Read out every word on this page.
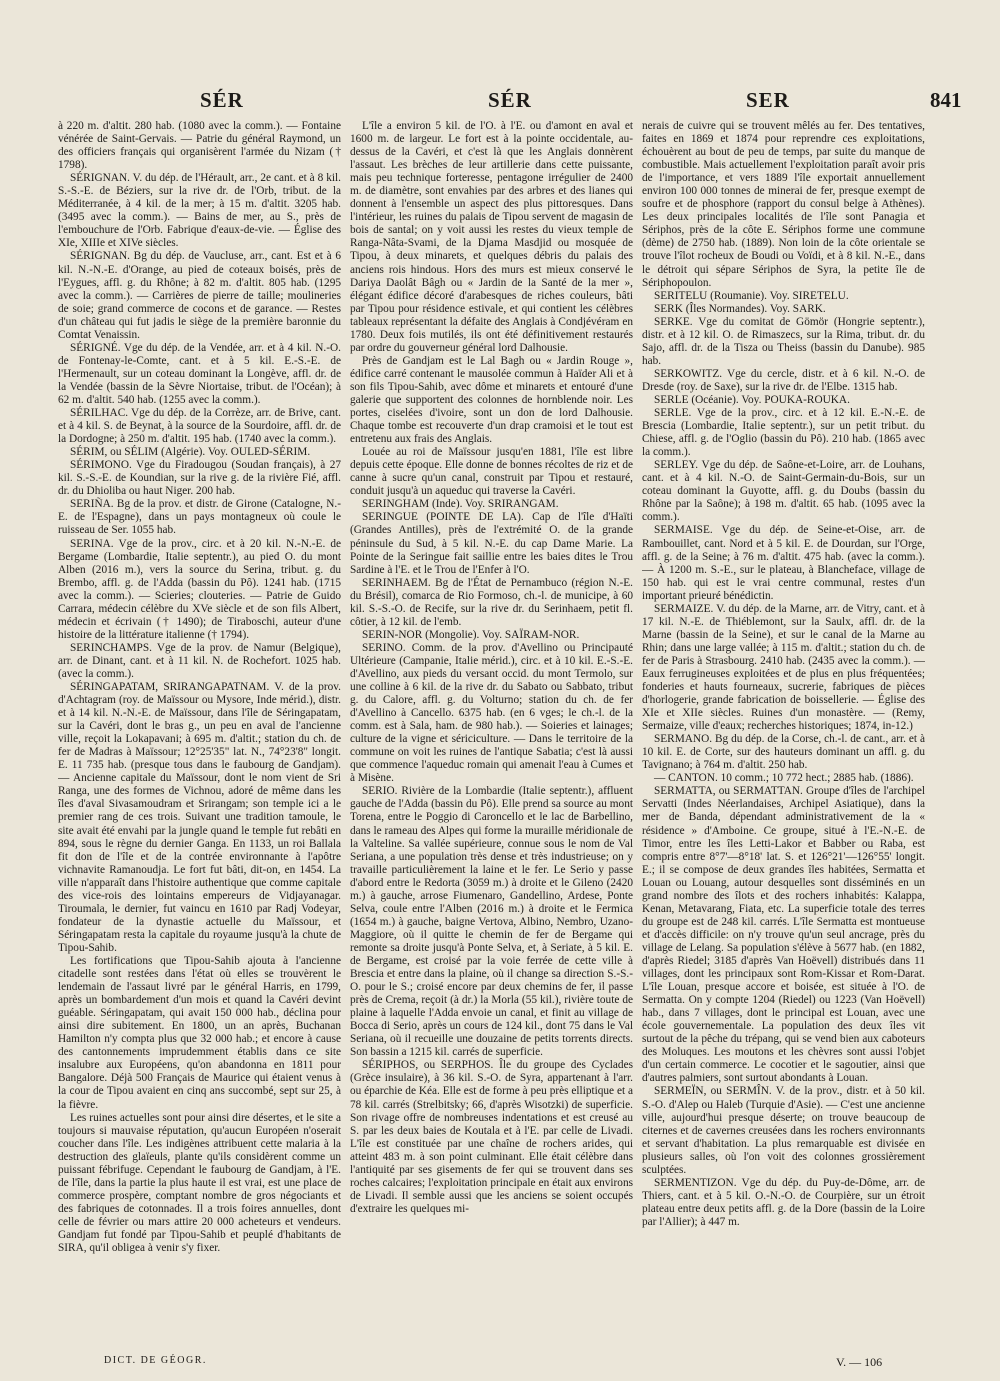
SÉR	SÉR	SER	841

à 220 m. d'altit. 280 hab. (1080 avec la comm.). — Fontaine vénérée de Saint-Gervais. — Patrie du général Raymond, un des officiers français qui organisèrent l'armée du Nizam († 1798).

SÉRIGNAN. V. du dép. de l'Hérault, arr., 2e cant. et à 8 kil. S.-S.-E. de Béziers, sur la rive dr. de l'Orb, tribut. de la Méditerranée, à 4 kil. de la mer; à 15 m. d'altit. 3205 hab. (3495 avec la comm.). — Bains de mer, au S., près de l'embouchure de l'Orb. Fabrique d'eaux-de-vie. — Église des XIe, XIIIe et XIVe siècles.

SÉRIGNAN. Bg du dép. de Vaucluse, arr., cant. Est et à 6 kil. N.-N.-E. d'Orange, au pied de coteaux boisés, près de l'Eygues, affl. g. du Rhône; à 82 m. d'altit. 805 hab. (1295 avec la comm.). — Carrières de pierre de taille; moulineries de soie; grand commerce de cocons et de garance. — Restes d'un château qui fut jadis le siège de la première baronnie du Comtat Venaissin.

SÉRIGNÉ. Vge du dép. de la Vendée, arr. et à 4 kil. N.-O. de Fontenay-le-Comte, cant. et à 5 kil. E.-S.-E. de l'Hermenault, sur un coteau dominant la Longève, affl. dr. de la Vendée (bassin de la Sèvre Niortaise, tribut. de l'Océan); à 62 m. d'altit. 540 hab. (1255 avec la comm.).

SÉRILHAC. Vge du dép. de la Corrèze, arr. de Brive, cant. et à 4 kil. S. de Beynat, à la source de la Sourdoire, affl. dr. de la Dordogne; à 250 m. d'altit. 195 hab. (1740 avec la comm.).

SÉRIM, ou SÉLIM (Algérie). Voy. OULED-SÉRIM.

SÉRIMONO. Vge du Firadougou (Soudan français), à 27 kil. S.-S.-E. de Koundian, sur la rive g. de la rivière Fié, affl. dr. du Dhioliba ou haut Niger. 200 hab.

SERIÑA. Bg de la prov. et distr. de Girone (Catalogne, N.-E. de l'Espagne), dans un pays montagneux où coule le ruisseau de Ser. 1055 hab.

SERINA. Vge de la prov., circ. et à 20 kil. N.-N.-E. de Bergame (Lombardie, Italie septentr.), au pied O. du mont Alben (2016 m.), vers la source du Serina, tribut. g. du Brembo, affl. g. de l'Adda (bassin du Pô). 1241 hab. (1715 avec la comm.). — Scieries; clouteries. — Patrie de Guido Carrara, médecin célèbre du XVe siècle et de son fils Albert, médecin et écrivain († 1490); de Tiraboschi, auteur d'une histoire de la littérature italienne († 1794).

SERINCHAMPS. Vge de la prov. de Namur (Belgique), arr. de Dinant, cant. et à 11 kil. N. de Rochefort. 1025 hab. (avec la comm.).

SÉRINGAPATAM, SRIRANGAPATNAM. V. de la prov. d'Achtagram (roy. de Maïssour ou Mysore, Inde mérid.), distr. et à 14 kil. N.-N.-E. de Maïssour, dans l'île de Séringapatam, sur la Cavéri, dont le bras g., un peu en aval de l'ancienne ville, reçoit la Lokapavani; à 695 m. d'altit.; station du ch. de fer de Madras à Maïssour; 12°25'35" lat. N., 74°23'8" longit. E. 11 735 hab. (presque tous dans le faubourg de Gandjam). — Ancienne capitale du Maïssour, dont le nom vient de Sri Ranga, une des formes de Vichnou, adoré de même dans les îles d'aval Sivasamoudram et Srirangam; son temple ici a le premier rang de ces trois. Suivant une tradition tamoule, le site avait été envahi par la jungle quand le temple fut rebâti en 894, sous le règne du dernier Ganga. En 1133, un roi Ballala fit don de l'île et de la contrée environnante à l'apôtre vichnavite Ramanoudja. Le fort fut bâti, dit-on, en 1454. La ville n'apparaît dans l'histoire authentique que comme capitale des vice-rois des lointains empereurs de Vidjayanagar. Tiroumala, le dernier, fut vaincu en 1610 par Radj Vodeyar, fondateur de la dynastie actuelle du Maïssour, et Séringapatam resta la capitale du royaume jusqu'à la chute de Tipou-Sahib.

Les fortifications que Tipou-Sahib ajouta à l'ancienne citadelle sont restées dans l'état où elles se trouvèrent le lendemain de l'assaut livré par le général Harris, en 1799, après un bombardement d'un mois et quand la Cavéri devint guéable. Séringapatam, qui avait 150 000 hab., déclina pour ainsi dire subitement. En 1800, un an après, Buchanan Hamilton n'y compta plus que 32 000 hab.; et encore à cause des cantonnements imprudemment établis dans ce site insalubre aux Européens, qu'on abandonna en 1811 pour Bangalore. Déjà 500 Français de Maurice qui étaient venus à la cour de Tipou avaient en cinq ans succombé, sept sur 25, à la fièvre.

Les ruines actuelles sont pour ainsi dire désertes, et le site a toujours si mauvaise réputation, qu'aucun Européen n'oserait coucher dans l'île. Les indigènes attribuent cette malaria à la destruction des glaïeuls, plante qu'ils considèrent comme un puissant fébrifuge. Cependant le faubourg de Gandjam, à l'E. de l'île, dans la partie la plus haute il est vrai, est une place de commerce prospère, comptant nombre de gros négociants et des fabriques de cotonnades. Il a trois foires annuelles, dont celle de février ou mars attire 20 000 acheteurs et vendeurs. Gandjam fut fondé par Tipou-Sahib et peuplé d'habitants de SIRA, qu'il obligea à venir s'y fixer.

L'île a environ 5 kil. de l'O. à l'E. ou d'amont en aval et 1600 m. de largeur. Le fort est à la pointe occidentale, au-dessus de la Cavéri, et c'est là que les Anglais donnèrent l'assaut. Les brèches de leur artillerie dans cette puissante, mais peu technique forteresse, pentagone irrégulier de 2400 m. de diamètre, sont envahies par des arbres et des lianes qui donnent à l'ensemble un aspect des plus pittoresques. Dans l'intérieur, les ruines du palais de Tipou servent de magasin de bois de santal; on y voit aussi les restes du vieux temple de Ranga-Nâta-Svami, de la Djama Masdjid ou mosquée de Tipou, à deux minarets, et quelques débris du palais des anciens rois hindous. Hors des murs est mieux conservé le Dariya Daolât Bâgh ou « Jardin de la Santé de la mer », élégant édifice décoré d'arabesques de riches couleurs, bâti par Tipou pour résidence estivale, et qui contient les célèbres tableaux représentant la défaite des Anglais à Condjévéram en 1780. Deux fois mutilés, ils ont été définitivement restaurés par ordre du gouverneur général lord Dalhousie.

Près de Gandjam est le Lal Bagh ou « Jardin Rouge », édifice carré contenant le mausolée commun à Haïder Ali et à son fils Tipou-Sahib, avec dôme et minarets et entouré d'une galerie que supportent des colonnes de hornblende noir. Les portes, ciselées d'ivoire, sont un don de lord Dalhousie. Chaque tombe est recouverte d'un drap cramoisi et le tout est entretenu aux frais des Anglais.

Louée au roi de Maïssour jusqu'en 1881, l'île est libre depuis cette époque. Elle donne de bonnes récoltes de riz et de canne à sucre qu'un canal, construit par Tipou et restauré, conduit jusqu'à un aqueduc qui traverse la Cavéri.

SERINGHAM (Inde). Voy. SRIRANGAM.

SERINGUE (POINTE DE LA). Cap de l'île d'Haïti (Grandes Antilles), près de l'extrémité O. de la grande péninsule du Sud, à 5 kil. N.-E. du cap Dame Marie. La Pointe de la Seringue fait saillie entre les baies dites le Trou Sardine à l'E. et le Trou de l'Enfer à l'O.

SERINHAEM. Bg de l'État de Pernambuco (région N.-E. du Brésil), comarca de Rio Formoso, ch.-l. de municipe, à 60 kil. S.-S.-O. de Recife, sur la rive dr. du Serinhaem, petit fl. côtier, à 12 kil. de l'emb.

SERIN-NOR (Mongolie). Voy. SAÏRAM-NOR.

SERINO. Comm. de la prov. d'Avellino ou Principauté Ultérieure (Campanie, Italie mérid.), circ. et à 10 kil. E.-S.-E. d'Avellino, aux pieds du versant occid. du mont Termolo, sur une colline à 6 kil. de la rive dr. du Sabato ou Sabbato, tribut g. du Calore, affl. g. du Volturno; station du ch. de fer d'Avellino à Cancello. 6375 hab. (en 6 vges; le ch.-l. de la comm. est à Sala, ham. de 980 hab.). — Soieries et lainages; culture de la vigne et sériciculture. — Dans le territoire de la commune on voit les ruines de l'antique Sabatia; c'est là aussi que commence l'aqueduc romain qui amenait l'eau à Cumes et à Misène.

SERIO. Rivière de la Lombardie (Italie septentr.), affluent gauche de l'Adda (bassin du Pô). Elle prend sa source au mont Torena, entre le Poggio di Caroncello et le lac de Barbellino, dans le rameau des Alpes qui forme la muraille méridionale de la Valteline. Sa vallée supérieure, connue sous le nom de Val Seriana, a une population très dense et très industrieuse; on y travaille particulièrement la laine et le fer. Le Serio y passe d'abord entre le Redorta (3059 m.) à droite et le Gileno (2420 m.) à gauche, arrose Fiumenaro, Gandellino, Ardese, Ponte Selva, coule entre l'Alben (2016 m.) à droite et le Fermica (1654 m.) à gauche, baigne Vertova, Albino, Nembro, Uzano-Maggiore, où il quitte le chemin de fer de Bergame qui remonte sa droite jusqu'à Ponte Selva, et, à Seriate, à 5 kil. E. de Bergame, est croisé par la voie ferrée de cette ville à Brescia et entre dans la plaine, où il change sa direction S.-S.-O. pour le S.; croisé encore par deux chemins de fer, il passe près de Crema, reçoit (à dr.) la Morla (55 kil.), rivière toute de plaine à laquelle l'Adda envoie un canal, et finit au village de Bocca di Serio, après un cours de 124 kil., dont 75 dans le Val Seriana, où il recueille une douzaine de petits torrents directs. Son bassin a 1215 kil. carrés de superficie.

SÉRIPHOS, ou SERPHOS. Île du groupe des Cyclades (Grèce insulaire), à 36 kil. S.-O. de Syra, appartenant à l'arr. ou éparchie de Kéa. Elle est de forme à peu près elliptique et a 78 kil. carrés (Strelbitsky; 66, d'après Wisotzki) de superficie. Son rivage offre de nombreuses indentations et est creusé au S. par les deux baies de Koutala et à l'E. par celle de Livadi. L'île est constituée par une chaîne de rochers arides, qui atteint 483 m. à son point culminant. Elle était célèbre dans l'antiquité par ses gisements de fer qui se trouvent dans ses roches calcaires; l'exploitation principale en était aux environs de Livadi. Il semble aussi que les anciens se soient occupés d'extraire les quelques mi-

nerais de cuivre qui se trouvent mêlés au fer. Des tentatives, faites en 1869 et 1874 pour reprendre ces exploitations, échouèrent au bout de peu de temps, par suite du manque de combustible. Mais actuellement l'exploitation paraît avoir pris de l'importance, et vers 1889 l'île exportait annuellement environ 100 000 tonnes de minerai de fer, presque exempt de soufre et de phosphore (rapport du consul belge à Athènes). Les deux principales localités de l'île sont Panagia et Sériphos, près de la côte E. Sériphos forme une commune (dème) de 2750 hab. (1889). Non loin de la côte orientale se trouve l'îlot rocheux de Boudi ou Voïdi, et à 8 kil. N.-E., dans le détroit qui sépare Sériphos de Syra, la petite île de Sériphopoulon.

SERITELU (Roumanie). Voy. SIRETELU.

SERK (Îles Normandes). Voy. SARK.

SERKE. Vge du comitat de Gömör (Hongrie septentr.), distr. et à 12 kil. O. de Rimaszecs, sur la Rima, tribut. dr. du Sajo, affl. dr. de la Tisza ou Theiss (bassin du Danube). 985 hab.

SERKOWITZ. Vge du cercle, distr. et à 6 kil. N.-O. de Dresde (roy. de Saxe), sur la rive dr. de l'Elbe. 1315 hab.

SERLE (Océanie). Voy. POUKA-ROUKA.

SERLE. Vge de la prov., circ. et à 12 kil. E.-N.-E. de Brescia (Lombardie, Italie septentr.), sur un petit tribut. du Chiese, affl. g. de l'Oglio (bassin du Pô). 210 hab. (1865 avec la comm.).

SERLEY. Vge du dép. de Saône-et-Loire, arr. de Louhans, cant. et à 4 kil. N.-O. de Saint-Germain-du-Bois, sur un coteau dominant la Guyotte, affl. g. du Doubs (bassin du Rhône par la Saône); à 198 m. d'altit. 65 hab. (1095 avec la comm.).

SERMAISE. Vge du dép. de Seine-et-Oise, arr. de Rambouillet, cant. Nord et à 5 kil. E. de Dourdan, sur l'Orge, affl. g. de la Seine; à 76 m. d'altit. 475 hab. (avec la comm.). — À 1200 m. S.-E., sur le plateau, à Blancheface, village de 150 hab. qui est le vrai centre communal, restes d'un important prieuré bénédictin.

SERMAIZE. V. du dép. de la Marne, arr. de Vitry, cant. et à 17 kil. N.-E. de Thiéblemont, sur la Saulx, affl. dr. de la Marne (bassin de la Seine), et sur le canal de la Marne au Rhin; dans une large vallée; à 115 m. d'altit.; station du ch. de fer de Paris à Strasbourg. 2410 hab. (2435 avec la comm.). — Eaux ferrugineuses exploitées et de plus en plus fréquentées; fonderies et hauts fourneaux, sucrerie, fabriques de pièces d'horlogerie, grande fabrication de boissellerie. — Église des XIe et XIIe siècles. Ruines d'un monastère. — (Remy, Sermaize, ville d'eaux; recherches historiques; 1874, in-12.)

SERMANO. Bg du dép. de la Corse, ch.-l. de cant., arr. et à 10 kil. E. de Corte, sur des hauteurs dominant un affl. g. du Tavignano; à 764 m. d'altit. 250 hab.

— CANTON. 10 comm.; 10 772 hect.; 2885 hab. (1886).

SERMATTA, ou SERMATTAN. Groupe d'îles de l'archipel Servatti (Indes Néerlandaises, Archipel Asiatique), dans la mer de Banda, dépendant administrativement de la « résidence » d'Amboine. Ce groupe, situé à l'E.-N.-E. de Timor, entre les îles Letti-Lakor et Babber ou Raba, est compris entre 8°7'—8°18' lat. S. et 126°21'—126°55' longit. E.; il se compose de deux grandes îles habitées, Sermatta et Louan ou Louang, autour desquelles sont disséminés en un grand nombre des îlots et des rochers inhabités: Kalappa, Kenan, Metavarang, Fiata, etc. La superficie totale des terres du groupe est de 248 kil. carrés. L'île Sermatta est montueuse et d'accès difficile: on n'y trouve qu'un seul ancrage, près du village de Lelang. Sa population s'élève à 5677 hab. (en 1882, d'après Riedel; 3185 d'après Van Hoëvell) distribués dans 11 villages, dont les principaux sont Rom-Kissar et Rom-Darat. L'île Louan, presque accore et boisée, est située à l'O. de Sermatta. On y compte 1204 (Riedel) ou 1223 (Van Hoëvell) hab., dans 7 villages, dont le principal est Louan, avec une école gouvernementale. La population des deux îles vit surtout de la pêche du trépang, qui se vend bien aux caboteurs des Moluques. Les moutons et les chèvres sont aussi l'objet d'un certain commerce. Le cocotier et le sagoutier, ainsi que d'autres palmiers, sont surtout abondants à Louan.

SERMEÏN, ou SERMÎN. V. de la prov., distr. et à 50 kil. S.-O. d'Alep ou Haleb (Turquie d'Asie). — C'est une ancienne ville, aujourd'hui presque déserte; on trouve beaucoup de citernes et de cavernes creusées dans les rochers environnants et servant d'habitation. La plus remarquable est divisée en plusieurs salles, où l'on voit des colonnes grossièrement sculptées.

SERMENTIZON. Vge du dép. du Puy-de-Dôme, arr. de Thiers, cant. et à 5 kil. O.-N.-O. de Courpière, sur un étroit plateau entre deux petits affl. g. de la Dore (bassin de la Loire par l'Allier); à 447 m.

DICT. DE GÉOGR.	V. — 106
